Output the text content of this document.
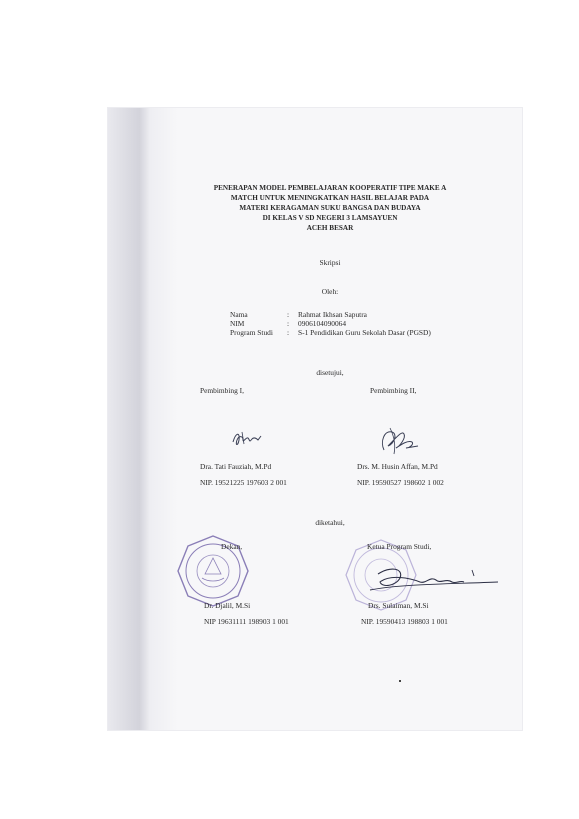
PENERAPAN MODEL PEMBELAJARAN KOOPERATIF TIPE MAKE A
MATCH UNTUK MENINGKATKAN HASIL BELAJAR PADA
MATERI KERAGAMAN SUKU BANGSA DAN BUDAYA
DI KELAS V SD NEGERI 3 LAMSAYUEN
ACEH BESAR
Skripsi
Oleh:
Nama	: Rahmat Ikhsan Saputra
NIM	: 0906104090064
Program Studi : S-1 Pendidikan Guru Sekolah Dasar (PGSD)
disetujui,
Pembimbing I,	Pembimbing II,
Dra. Tati Fauziah, M.Pd	Drs. M. Husin Affan, M.Pd
NIP. 19521225 197603 2 001	NIP. 19590527 198602 1 002
diketahui,
Dekan,	Ketua Program Studi,
Dr. Djalil, M.Si	Drs. Sulaiman, M.Si
NIP 19631111 198903 1 001	NIP. 19590413 198803 1 001
